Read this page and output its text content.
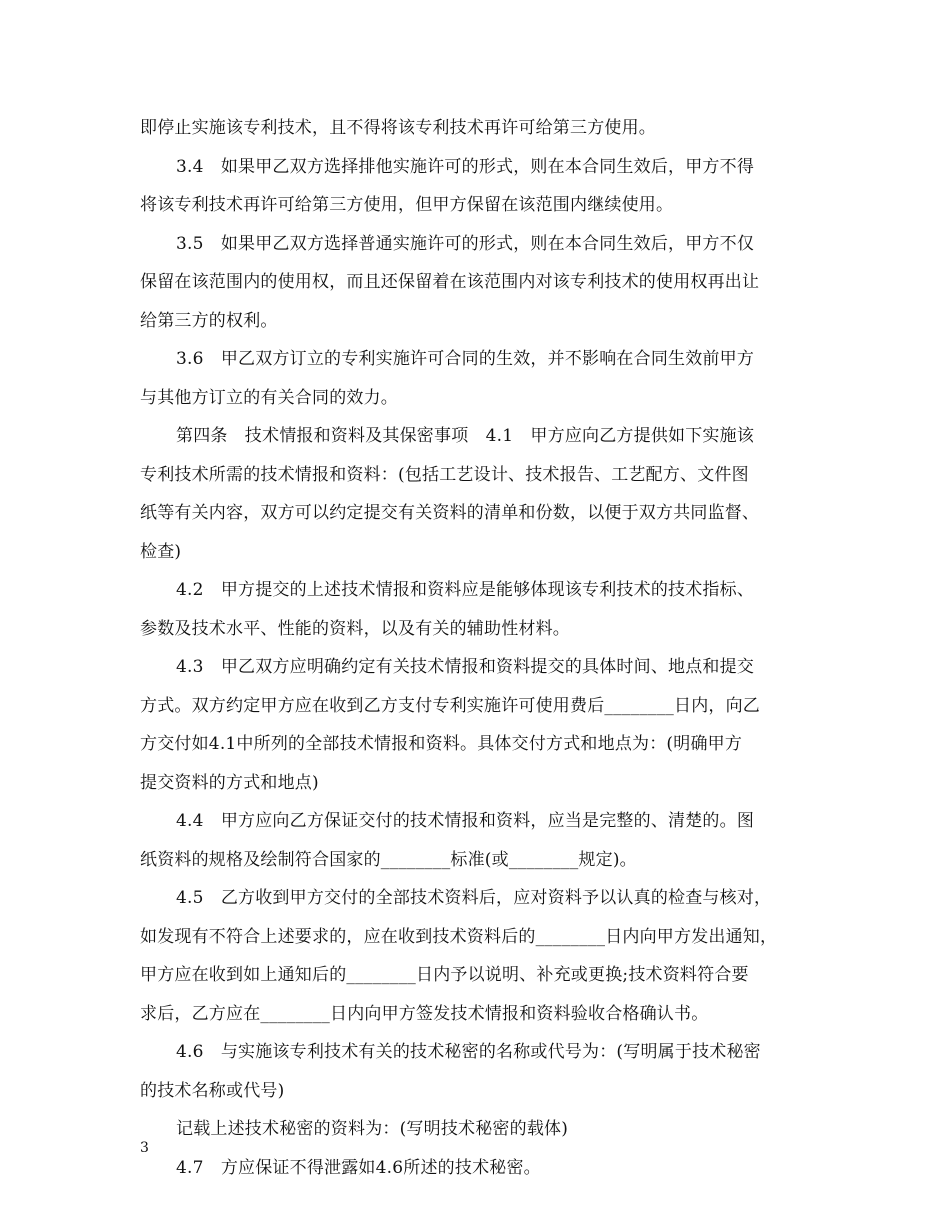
即停止实施该专利技术，且不得将该专利技术再许可给第三方使用。
3.4　如果甲乙双方选择排他实施许可的形式，则在本合同生效后，甲方不得
将该专利技术再许可给第三方使用，但甲方保留在该范围内继续使用。
3.5　如果甲乙双方选择普通实施许可的形式，则在本合同生效后，甲方不仅
保留在该范围内的使用权，而且还保留着在该范围内对该专利技术的使用权再出让
给第三方的权利。
3.6　甲乙双方订立的专利实施许可合同的生效，并不影响在合同生效前甲方
与其他方订立的有关合同的效力。
第四条　技术情报和资料及其保密事项　4.1　甲方应向乙方提供如下实施该
专利技术所需的技术情报和资料：(包括工艺设计、技术报告、工艺配方、文件图
纸等有关内容，双方可以约定提交有关资料的清单和份数，以便于双方共同监督、
检查)
4.2　甲方提交的上述技术情报和资料应是能够体现该专利技术的技术指标、
参数及技术水平、性能的资料，以及有关的辅助性材料。
4.3　甲乙双方应明确约定有关技术情报和资料提交的具体时间、地点和提交
方式。双方约定甲方应在收到乙方支付专利实施许可使用费后________日内，向乙
方交付如4.1中所列的全部技术情报和资料。具体交付方式和地点为：(明确甲方
提交资料的方式和地点)
4.4　甲方应向乙方保证交付的技术情报和资料，应当是完整的、清楚的。图
纸资料的规格及绘制符合国家的________标准(或________规定)。
4.5　乙方收到甲方交付的全部技术资料后，应对资料予以认真的检查与核对，
如发现有不符合上述要求的，应在收到技术资料后的________日内向甲方发出通知，
甲方应在收到如上通知后的________日内予以说明、补充或更换;技术资料符合要
求后，乙方应在________日内向甲方签发技术情报和资料验收合格确认书。
4.6　与实施该专利技术有关的技术秘密的名称或代号为：(写明属于技术秘密
的技术名称或代号)
记载上述技术秘密的资料为：(写明技术秘密的载体)
4.7　方应保证不得泄露如4.6所述的技术秘密。
3
